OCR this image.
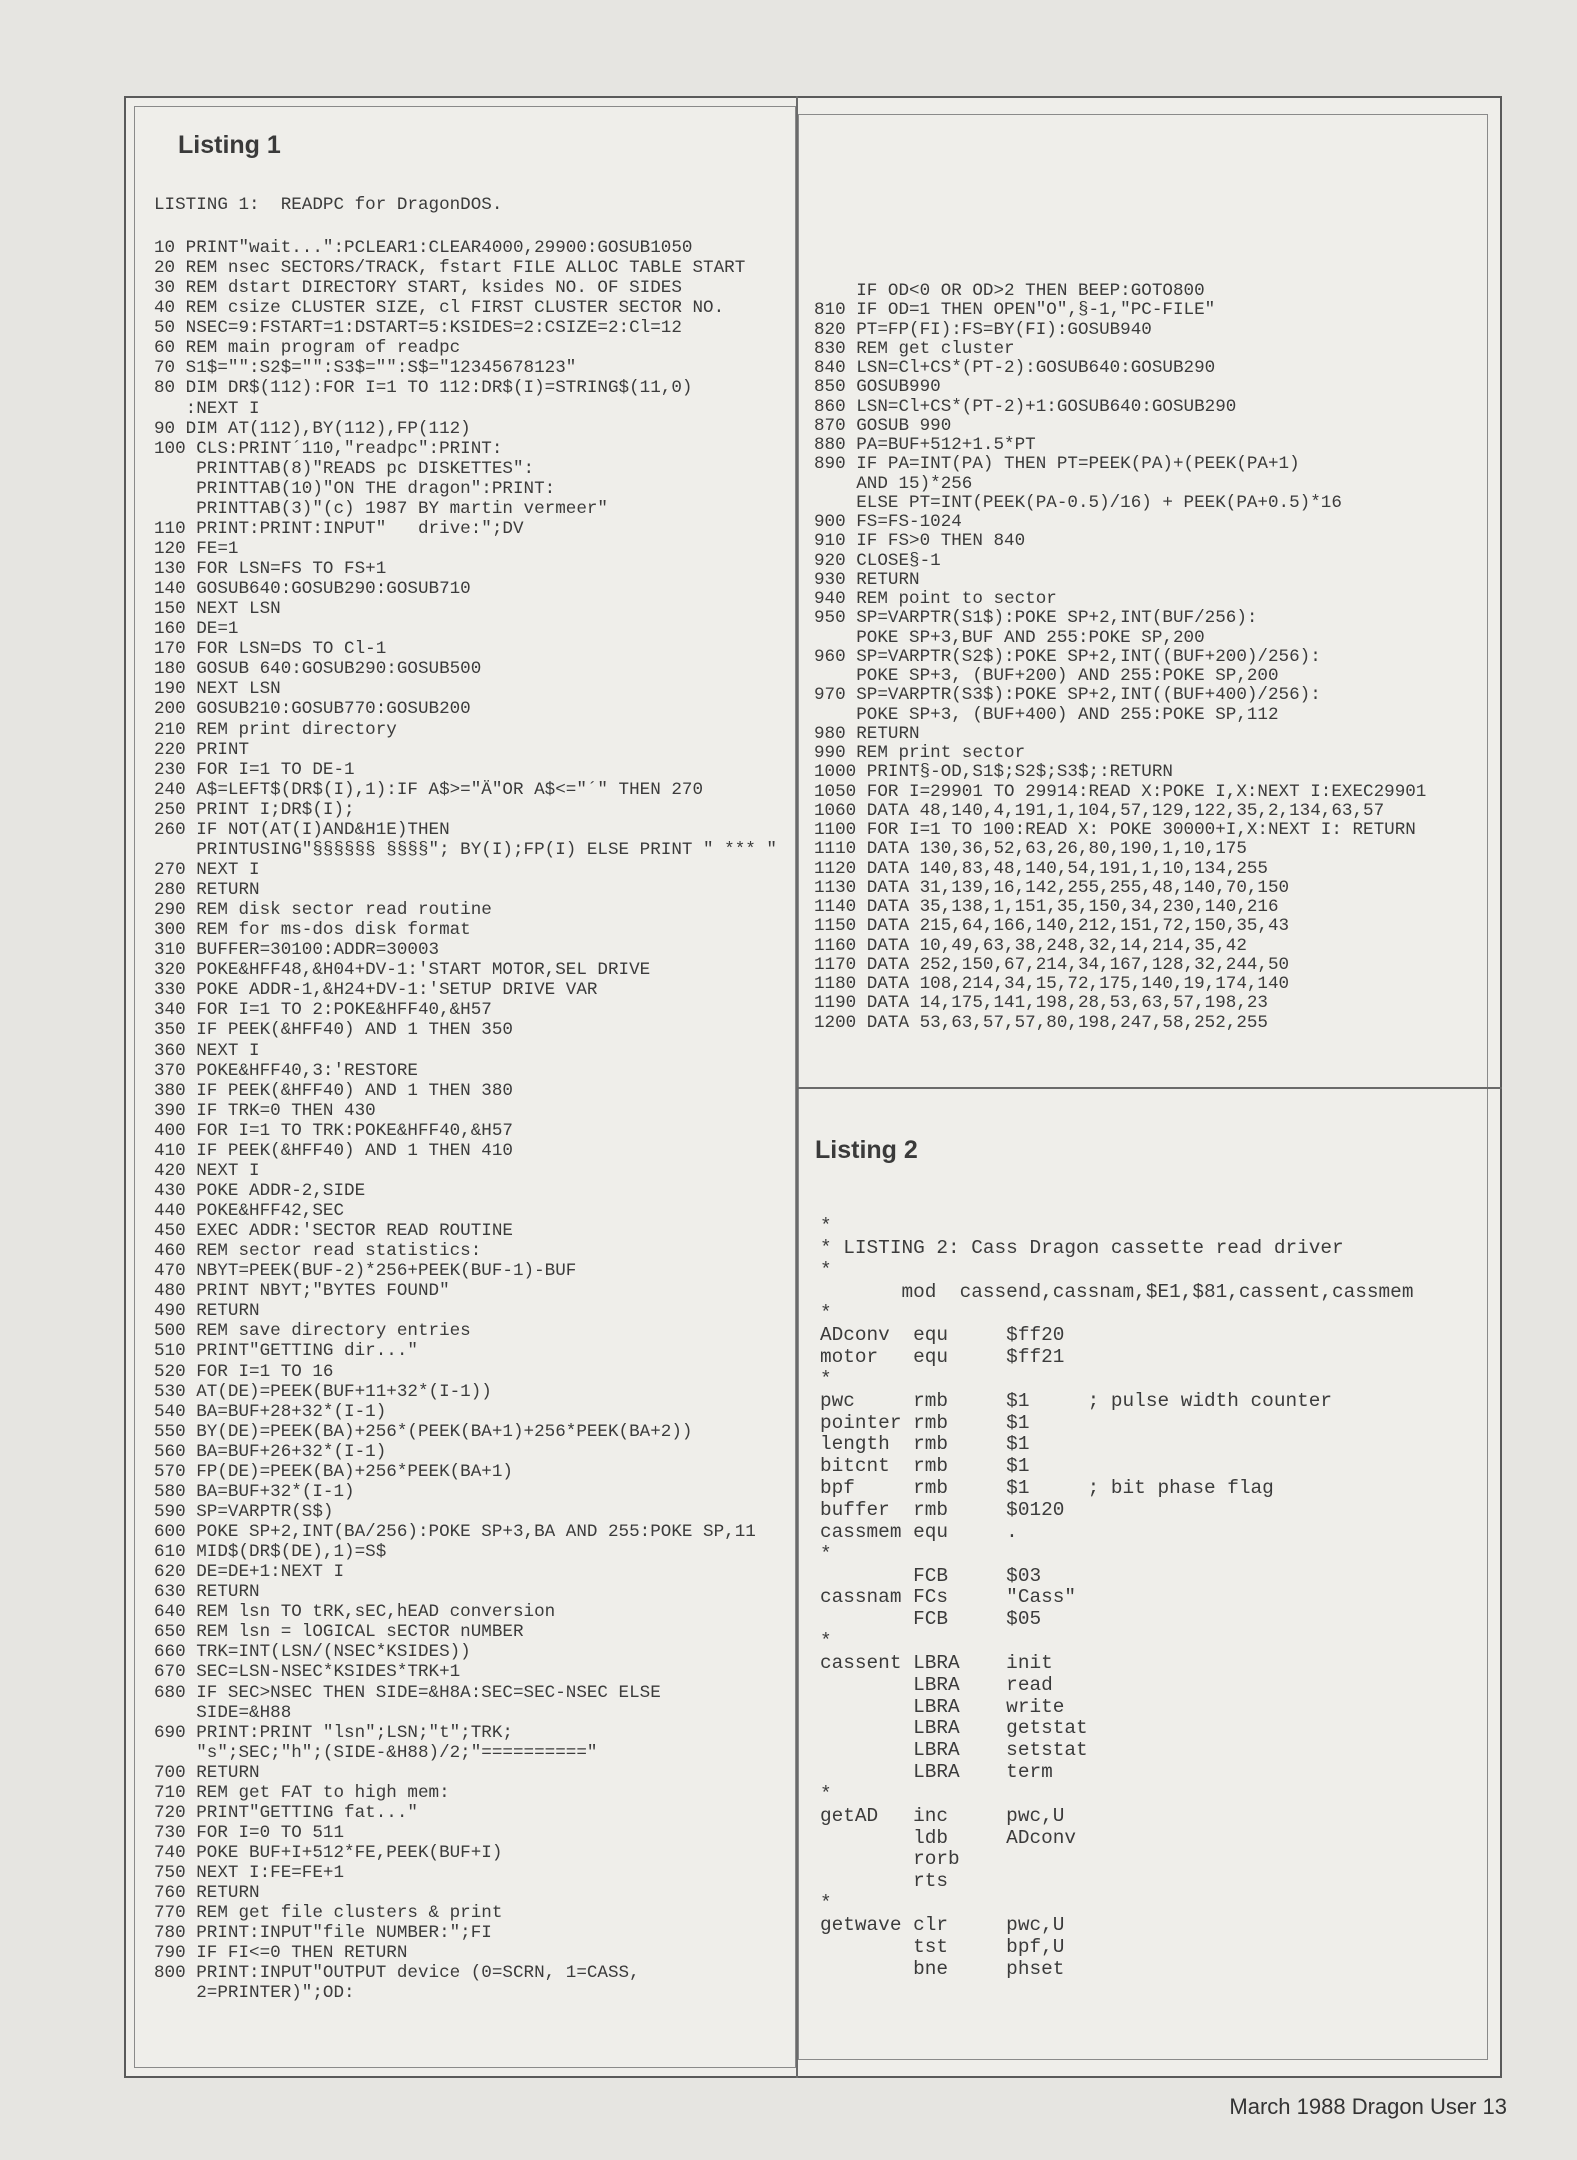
Listing 1
LISTING 1:  READPC for DragonDOS.
10 PRINT"wait...":PCLEAR1:CLEAR4000,29900:GOSUB1050
20 REM nsec SECTORS/TRACK, fstart FILE ALLOC TABLE START
30 REM dstart DIRECTORY START, ksides NO. OF SIDES
40 REM csize CLUSTER SIZE, cl FIRST CLUSTER SECTOR NO.
50 NSEC=9:FSTART=1:DSTART=5:KSIDES=2:CSIZE=2:Cl=12
60 REM main program of readpc
70 S1$="":S2$="":S3$="":S$="12345678123"
80 DIM DR$(112):FOR I=1 TO 112:DR$(I)=STRING$(11,0)
:NEXT I
90 DIM AT(112),BY(112),FP(112)
100 CLS:PRINT´110,"readpc":PRINT:
PRINTTAB(8)"READS pc DISKETTES":
PRINTTAB(10)"ON THE dragon":PRINT:
PRINTTAB(3)"(c) 1987 BY martin vermeer"
110 PRINT:PRINT:INPUT"   drive:";DV
120 FE=1
130 FOR LSN=FS TO FS+1
140 GOSUB640:GOSUB290:GOSUB710
150 NEXT LSN
160 DE=1
170 FOR LSN=DS TO Cl-1
180 GOSUB 640:GOSUB290:GOSUB500
190 NEXT LSN
200 GOSUB210:GOSUB770:GOSUB200
210 REM print directory
220 PRINT
230 FOR I=1 TO DE-1
240 A$=LEFT$(DR$(I),1):IF A$>="Ä"OR A$<="´" THEN 270
250 PRINT I;DR$(I);
260 IF NOT(AT(I)AND&H1E)THEN
PRINTUSING"§§§§§§ §§§§"; BY(I);FP(I) ELSE PRINT " *** "
270 NEXT I
280 RETURN
290 REM disk sector read routine
300 REM for ms-dos disk format
310 BUFFER=30100:ADDR=30003
320 POKE&HFF48,&H04+DV-1:'START MOTOR,SEL DRIVE
330 POKE ADDR-1,&H24+DV-1:'SETUP DRIVE VAR
340 FOR I=1 TO 2:POKE&HFF40,&H57
350 IF PEEK(&HFF40) AND 1 THEN 350
360 NEXT I
370 POKE&HFF40,3:'RESTORE
380 IF PEEK(&HFF40) AND 1 THEN 380
390 IF TRK=0 THEN 430
400 FOR I=1 TO TRK:POKE&HFF40,&H57
410 IF PEEK(&HFF40) AND 1 THEN 410
420 NEXT I
430 POKE ADDR-2,SIDE
440 POKE&HFF42,SEC
450 EXEC ADDR:'SECTOR READ ROUTINE
460 REM sector read statistics:
470 NBYT=PEEK(BUF-2)*256+PEEK(BUF-1)-BUF
480 PRINT NBYT;"BYTES FOUND"
490 RETURN
500 REM save directory entries
510 PRINT"GETTING dir..."
520 FOR I=1 TO 16
530 AT(DE)=PEEK(BUF+11+32*(I-1))
540 BA=BUF+28+32*(I-1)
550 BY(DE)=PEEK(BA)+256*(PEEK(BA+1)+256*PEEK(BA+2))
560 BA=BUF+26+32*(I-1)
570 FP(DE)=PEEK(BA)+256*PEEK(BA+1)
580 BA=BUF+32*(I-1)
590 SP=VARPTR(S$)
600 POKE SP+2,INT(BA/256):POKE SP+3,BA AND 255:POKE SP,11
610 MID$(DR$(DE),1)=S$
620 DE=DE+1:NEXT I
630 RETURN
640 REM lsn TO tRK,sEC,hEAD conversion
650 REM lsn = lOGICAL sECTOR nUMBER
660 TRK=INT(LSN/(NSEC*KSIDES))
670 SEC=LSN-NSEC*KSIDES*TRK+1
680 IF SEC>NSEC THEN SIDE=&H8A:SEC=SEC-NSEC ELSE
SIDE=&H88
690 PRINT:PRINT "lsn";LSN;"t";TRK;
"s";SEC;"h";(SIDE-&H88)/2;"=========="
700 RETURN
710 REM get FAT to high mem:
720 PRINT"GETTING fat..."
730 FOR I=0 TO 511
740 POKE BUF+I+512*FE,PEEK(BUF+I)
750 NEXT I:FE=FE+1
760 RETURN
770 REM get file clusters & print
780 PRINT:INPUT"file NUMBER:";FI
790 IF FI<=0 THEN RETURN
800 PRINT:INPUT"OUTPUT device (0=SCRN, 1=CASS,
2=PRINTER)";OD:
IF OD<0 OR OD>2 THEN BEEP:GOTO800
810 IF OD=1 THEN OPEN"O",§-1,"PC-FILE"
820 PT=FP(FI):FS=BY(FI):GOSUB940
830 REM get cluster
840 LSN=Cl+CS*(PT-2):GOSUB640:GOSUB290
850 GOSUB990
860 LSN=Cl+CS*(PT-2)+1:GOSUB640:GOSUB290
870 GOSUB 990
880 PA=BUF+512+1.5*PT
890 IF PA=INT(PA) THEN PT=PEEK(PA)+(PEEK(PA+1)
AND 15)*256
ELSE PT=INT(PEEK(PA-0.5)/16) + PEEK(PA+0.5)*16
900 FS=FS-1024
910 IF FS>0 THEN 840
920 CLOSE§-1
930 RETURN
940 REM point to sector
950 SP=VARPTR(S1$):POKE SP+2,INT(BUF/256):
POKE SP+3,BUF AND 255:POKE SP,200
960 SP=VARPTR(S2$):POKE SP+2,INT((BUF+200)/256):
POKE SP+3, (BUF+200) AND 255:POKE SP,200
970 SP=VARPTR(S3$):POKE SP+2,INT((BUF+400)/256):
POKE SP+3, (BUF+400) AND 255:POKE SP,112
980 RETURN
990 REM print sector
1000 PRINT§-OD,S1$;S2$;S3$;:RETURN
1050 FOR I=29901 TO 29914:READ X:POKE I,X:NEXT I:EXEC29901
1060 DATA 48,140,4,191,1,104,57,129,122,35,2,134,63,57
1100 FOR I=1 TO 100:READ X: POKE 30000+I,X:NEXT I: RETURN
1110 DATA 130,36,52,63,26,80,190,1,10,175
1120 DATA 140,83,48,140,54,191,1,10,134,255
1130 DATA 31,139,16,142,255,255,48,140,70,150
1140 DATA 35,138,1,151,35,150,34,230,140,216
1150 DATA 215,64,166,140,212,151,72,150,35,43
1160 DATA 10,49,63,38,248,32,14,214,35,42
1170 DATA 252,150,67,214,34,167,128,32,244,50
1180 DATA 108,214,34,15,72,175,140,19,174,140
1190 DATA 14,175,141,198,28,53,63,57,198,23
1200 DATA 53,63,57,57,80,198,247,58,252,255
Listing 2
*
* LISTING 2: Cass Dragon cassette read driver
*
mod  cassend,cassnam,$E1,$81,cassent,cassmem
*
ADconv  equ     $ff20
motor   equ     $ff21
*
pwc     rmb     $1     ; pulse width counter
pointer rmb     $1
length  rmb     $1
bitcnt  rmb     $1
bpf     rmb     $1     ; bit phase flag
buffer  rmb     $0120
cassmem equ     .
*
FCB     $03
cassnam FCs     "Cass"
FCB     $05
*
cassent LBRA    init
LBRA    read
LBRA    write
LBRA    getstat
LBRA    setstat
LBRA    term
*
getAD   inc     pwc,U
ldb     ADconv
rorb
rts
*
getwave clr     pwc,U
tst     bpf,U
bne     phset
March 1988 Dragon User 13
